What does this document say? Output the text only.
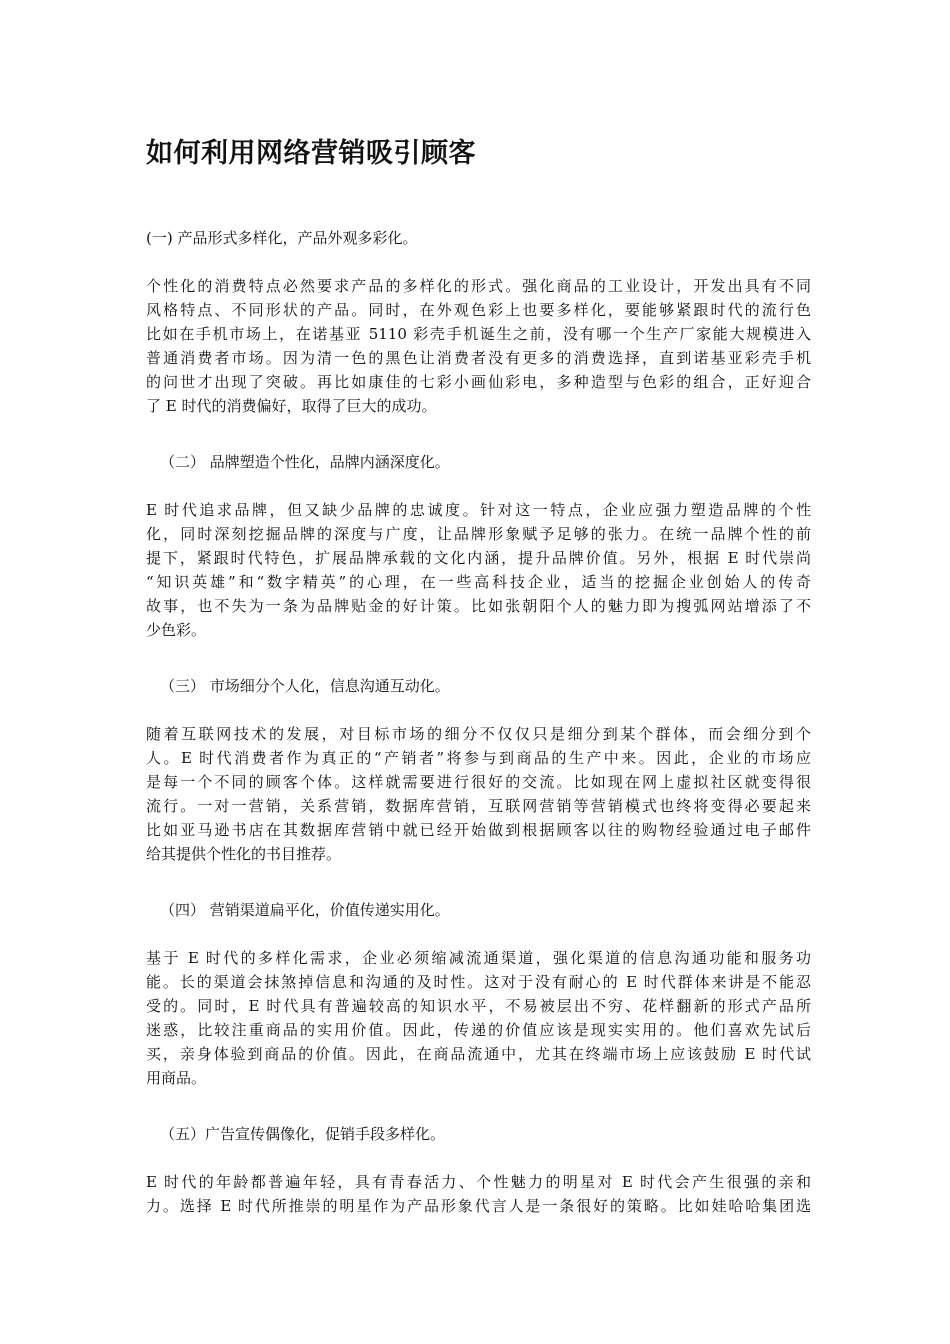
如何利用网络营销吸引顾客

(一) 产品形式多样化，产品外观多彩化。

个性化的消费特点必然要求产品的多样化的形式。强化商品的工业设计，开发出具有不同
风格特点、不同形状的产品。同时，在外观色彩上也要多样化，要能够紧跟时代的流行色
比如在手机市场上，在诺基亚 5110 彩壳手机诞生之前，没有哪一个生产厂家能大规模进入
普通消费者市场。因为清一色的黑色让消费者没有更多的消费选择，直到诺基亚彩壳手机
的问世才出现了突破。再比如康佳的七彩小画仙彩电，多种造型与色彩的组合，正好迎合
了 E 时代的消费偏好，取得了巨大的成功。

（二） 品牌塑造个性化，品牌内涵深度化。

E 时代追求品牌，但又缺少品牌的忠诚度。针对这一特点，企业应强力塑造品牌的个性
化，同时深刻挖掘品牌的深度与广度，让品牌形象赋予足够的张力。在统一品牌个性的前
提下，紧跟时代特色，扩展品牌承载的文化内涵，提升品牌价值。另外，根据 E 时代崇尚
“知识英雄”和“数字精英”的心理，在一些高科技企业，适当的挖掘企业创始人的传奇
故事，也不失为一条为品牌贴金的好计策。比如张朝阳个人的魅力即为搜弧网站增添了不
少色彩。

（三） 市场细分个人化，信息沟通互动化。

随着互联网技术的发展，对目标市场的细分不仅仅只是细分到某个群体，而会细分到个
人。E 时代消费者作为真正的“产销者”将参与到商品的生产中来。因此，企业的市场应
是每一个不同的顾客个体。这样就需要进行很好的交流。比如现在网上虚拟社区就变得很
流行。一对一营销，关系营销，数据库营销，互联网营销等营销模式也终将变得必要起来
比如亚马逊书店在其数据库营销中就已经开始做到根据顾客以往的购物经验通过电子邮件
给其提供个性化的书目推荐。

（四） 营销渠道扁平化，价值传递实用化。

基于 E 时代的多样化需求，企业必须缩减流通渠道，强化渠道的信息沟通功能和服务功
能。长的渠道会抹煞掉信息和沟通的及时性。这对于没有耐心的 E 时代群体来讲是不能忍
受的。同时，E 时代具有普遍较高的知识水平，不易被层出不穷、花样翻新的形式产品所
迷惑，比较注重商品的实用价值。因此，传递的价值应该是现实实用的。他们喜欢先试后
买，亲身体验到商品的价值。因此，在商品流通中，尤其在终端市场上应该鼓励 E 时代试
用商品。

（五）广告宣传偶像化，促销手段多样化。

E 时代的年龄都普遍年轻，具有青春活力、个性魅力的明星对 E 时代会产生很强的亲和
力。选择 E 时代所推崇的明星作为产品形象代言人是一条很好的策略。比如娃哈哈集团选
